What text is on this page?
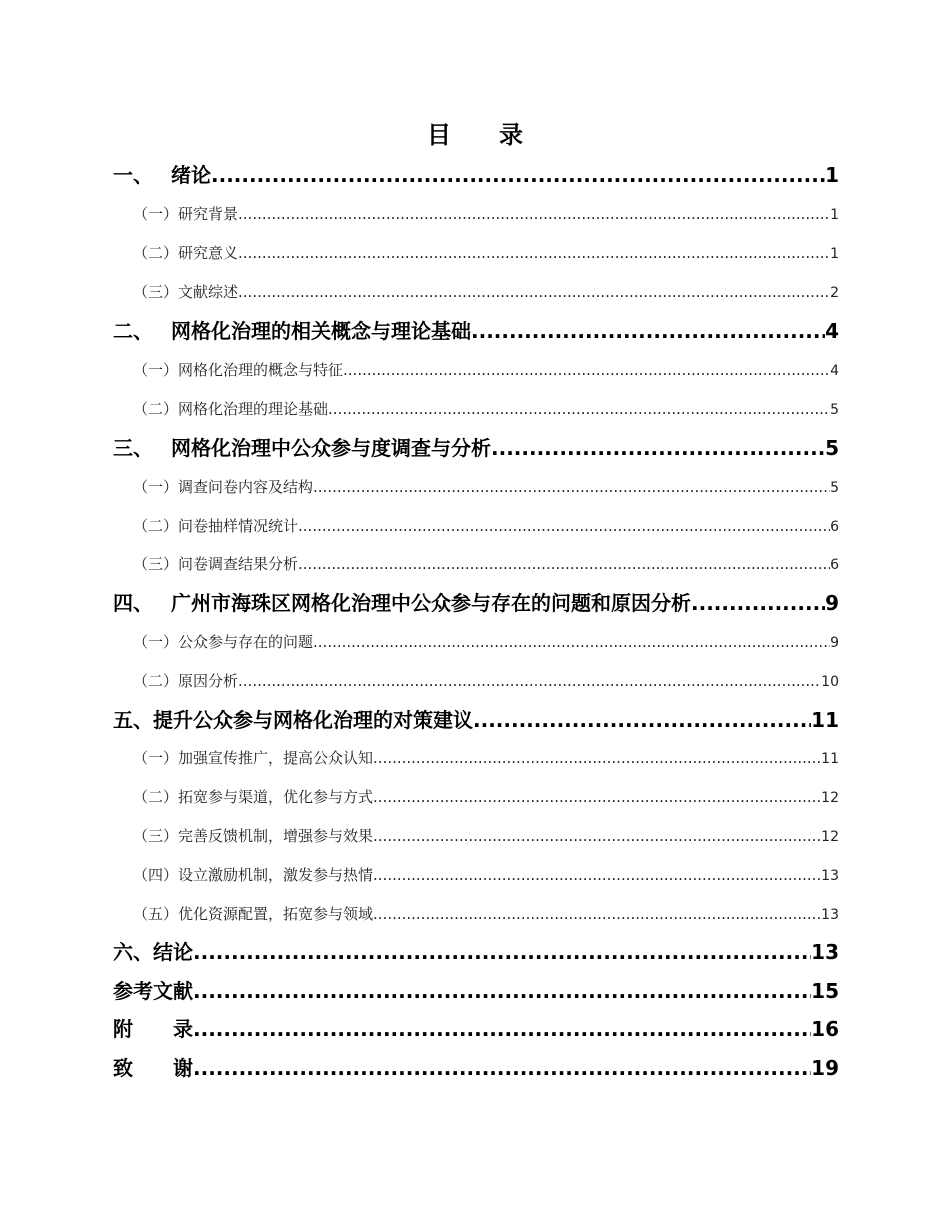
目　　录
一、 绪论 .....	1
（一）研究背景 .....	1
（二）研究意义 .....	1
（三）文献综述 .....	2
二、 网格化治理的相关概念与理论基础 .....	4
（一）网格化治理的概念与特征 .....	4
（二）网格化治理的理论基础 .....	5
三、 网格化治理中公众参与度调查与分析 .....	5
（一）调查问卷内容及结构 .....	5
（二）问卷抽样情况统计 .....	6
（三）问卷调查结果分析 .....	6
四、 广州市海珠区网格化治理中公众参与存在的问题和原因分析 .....	9
（一）公众参与存在的问题 .....	9
（二）原因分析 .....	10
五、提升公众参与网格化治理的对策建议 .....	11
（一）加强宣传推广，提高公众认知 .....	11
（二）拓宽参与渠道，优化参与方式 .....	12
（三）完善反馈机制，增强参与效果 .....	12
（四）设立激励机制，激发参与热情 .....	13
（五）优化资源配置，拓宽参与领域 .....	13
六、结论 .....	13
参考文献 .....	15
附　　录 .....	16
致　　谢 .....	19
